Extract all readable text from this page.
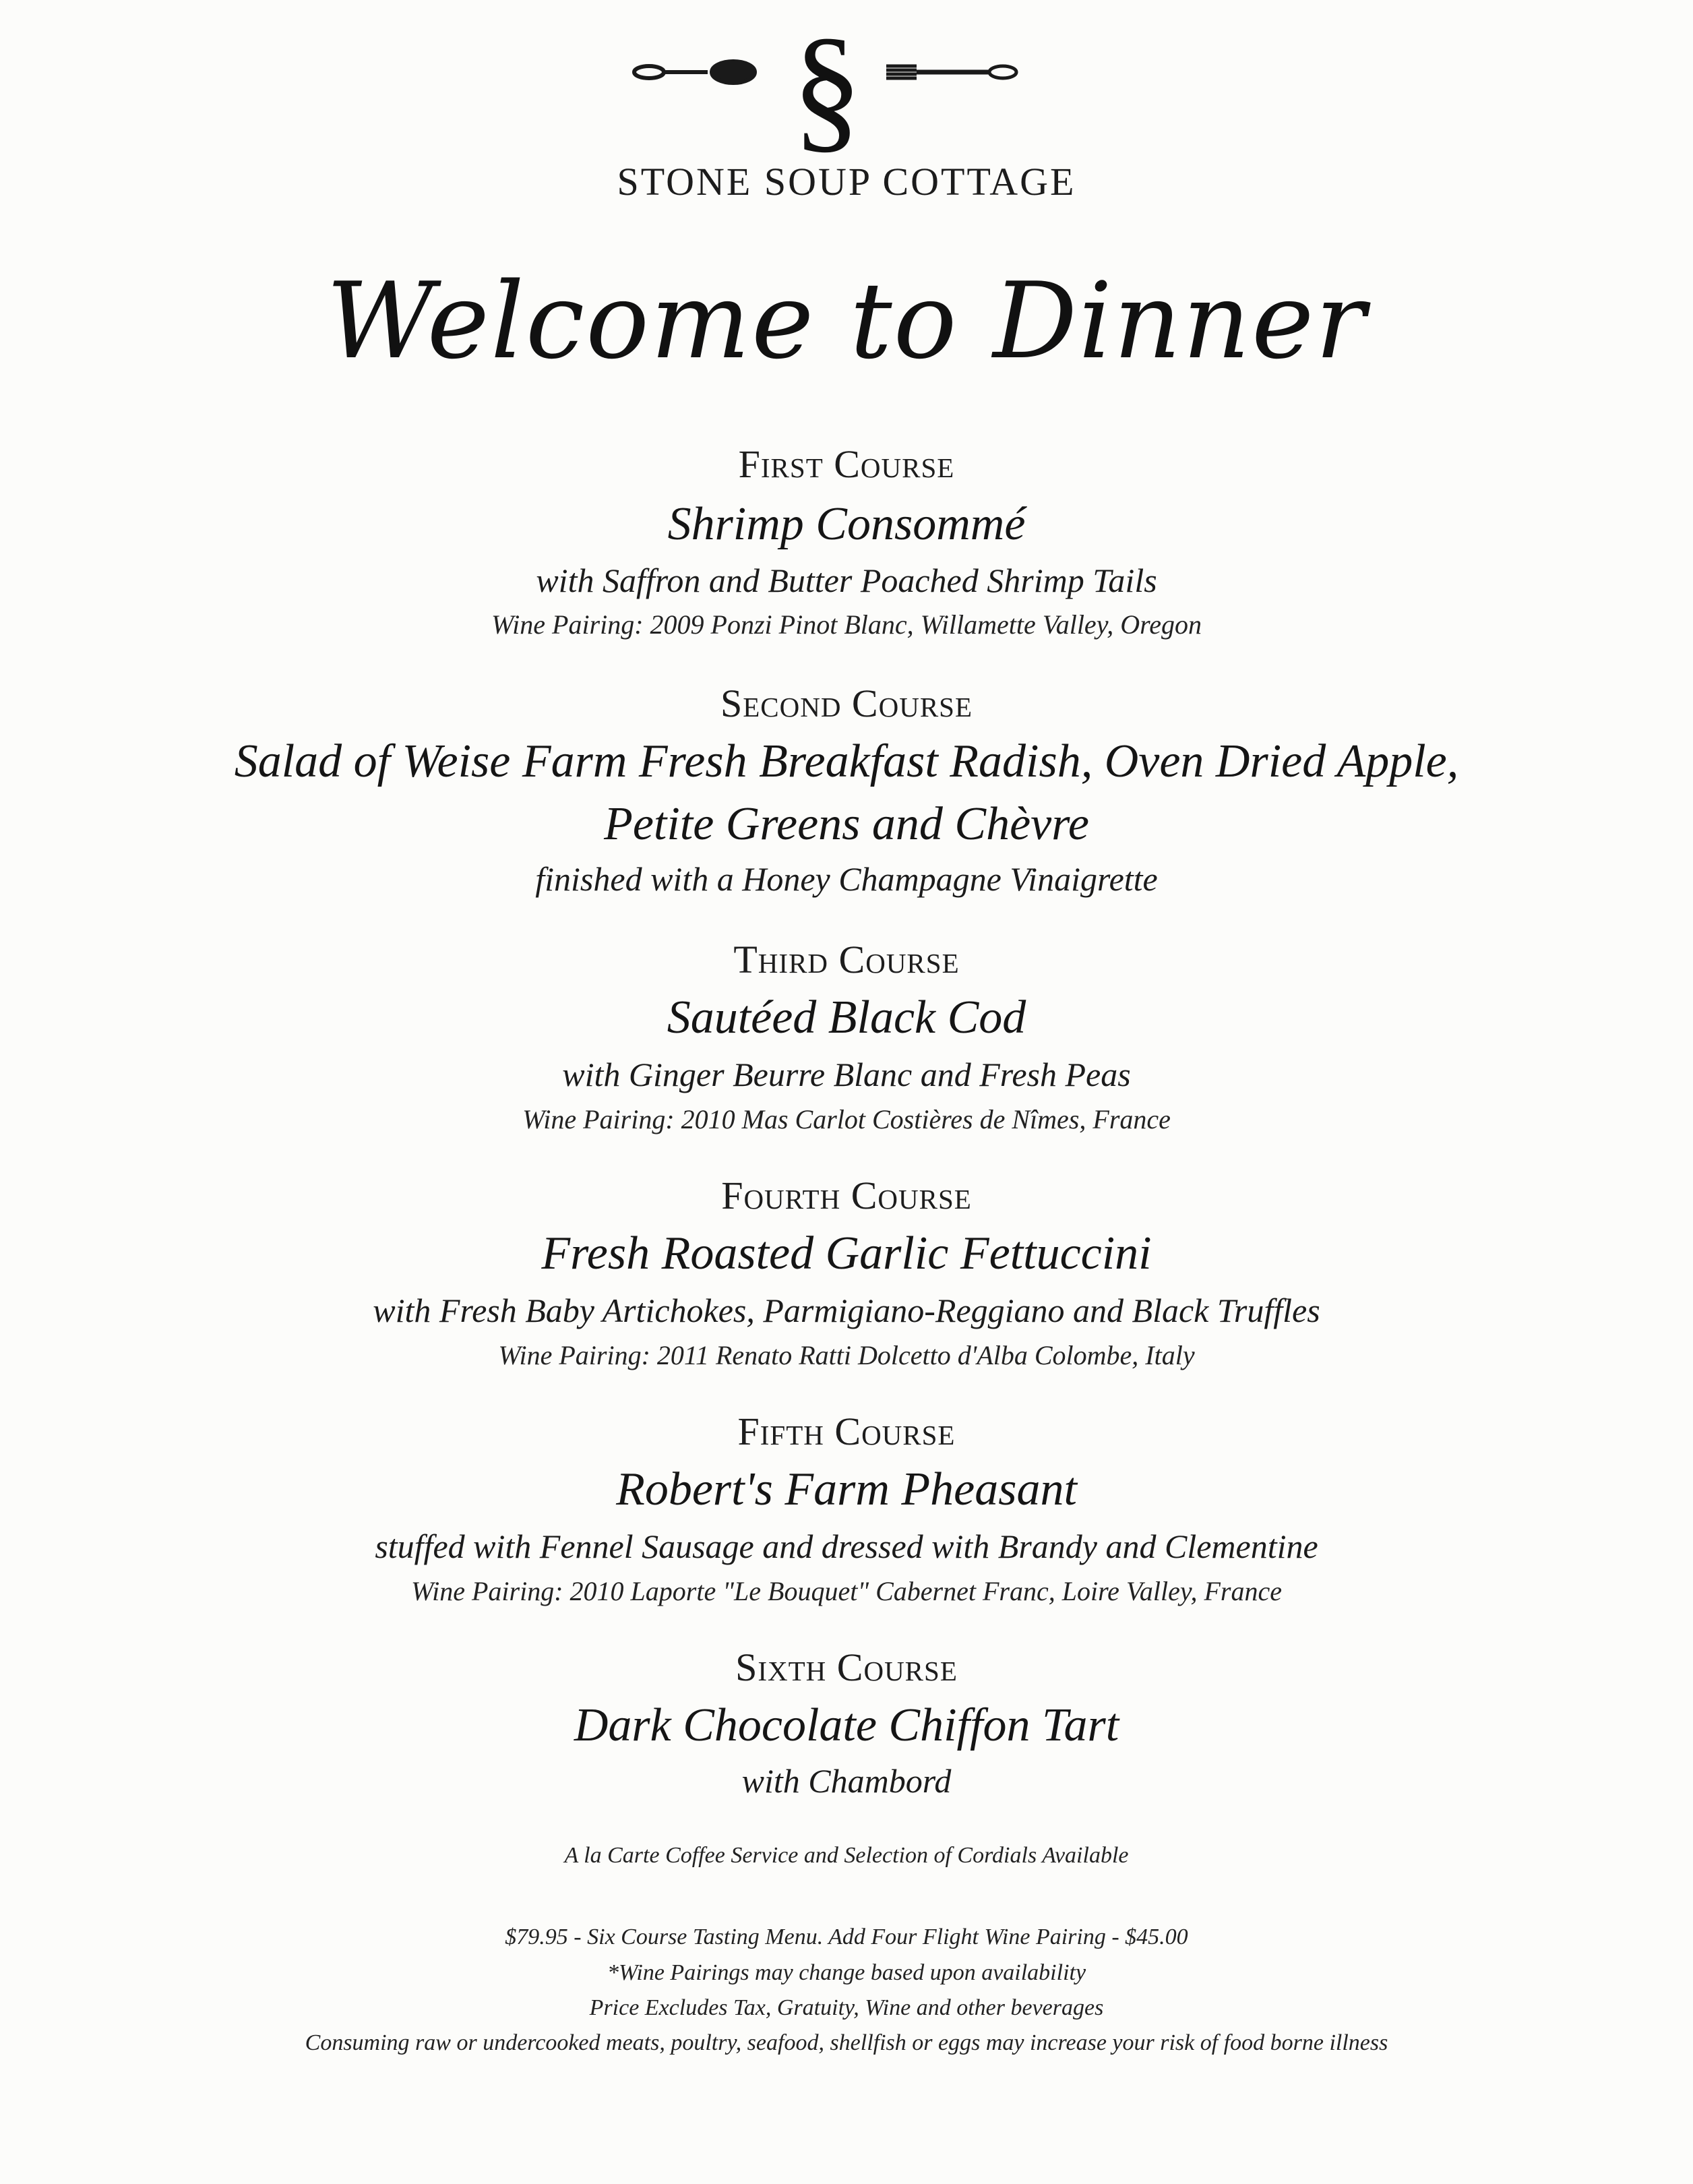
§
STONE SOUP COTTAGE
Welcome to Dinner
First Course
Shrimp Consommé
with Saffron and Butter Poached Shrimp Tails
Wine Pairing: 2009 Ponzi Pinot Blanc, Willamette Valley, Oregon
Second Course
Salad of Weise Farm Fresh Breakfast Radish, Oven Dried Apple,
Petite Greens and Chèvre
finished with a Honey Champagne Vinaigrette
Third Course
Sautéed Black Cod
with Ginger Beurre Blanc and Fresh Peas
Wine Pairing: 2010 Mas Carlot Costières de Nîmes, France
Fourth Course
Fresh Roasted Garlic Fettuccini
with Fresh Baby Artichokes, Parmigiano-Reggiano and Black Truffles
Wine Pairing: 2011 Renato Ratti Dolcetto d'Alba Colombe, Italy
Fifth Course
Robert's Farm Pheasant
stuffed with Fennel Sausage and dressed with Brandy and Clementine
Wine Pairing: 2010 Laporte "Le Bouquet" Cabernet Franc, Loire Valley, France
Sixth Course
Dark Chocolate Chiffon Tart
with Chambord
A la Carte Coffee Service and Selection of Cordials Available
$79.95 - Six Course Tasting Menu. Add Four Flight Wine Pairing - $45.00
*Wine Pairings may change based upon availability
Price Excludes Tax, Gratuity, Wine and other beverages
Consuming raw or undercooked meats, poultry, seafood, shellfish or eggs may increase your risk of food borne illness
